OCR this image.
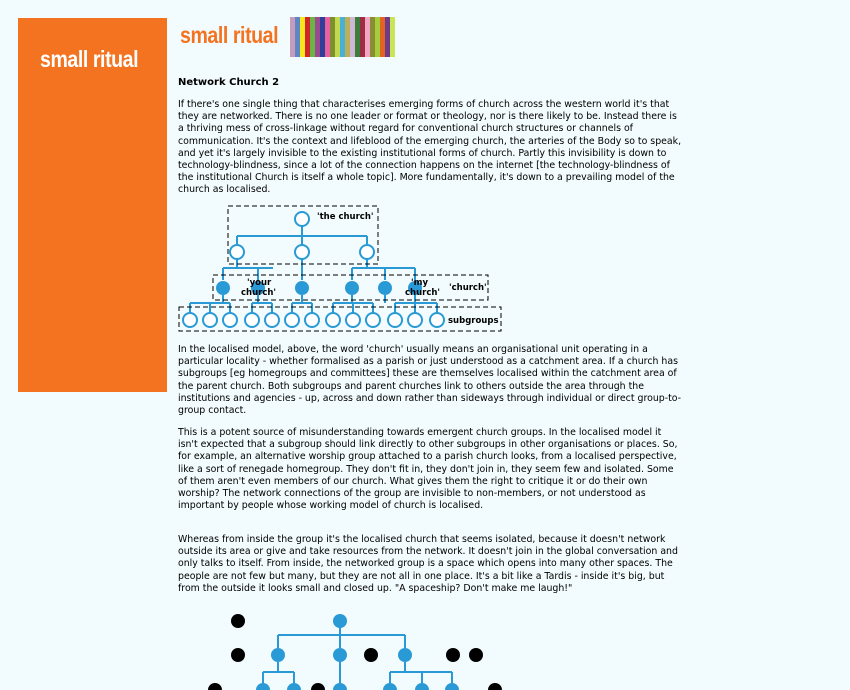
small ritual
small ritual
Network Church 2

If there's one single thing that characterises emerging forms of church across the western world it's that they are networked. There is no one leader or format or theology, nor is there likely to be. Instead there is a thriving mess of cross-linkage without regard for conventional church structures or channels of communication. It's the context and lifeblood of the emerging church, the arteries of the Body so to speak, and yet it's largely invisible to the existing institutional forms of church. Partly this invisibility is down to technology-blindness, since a lot of the connection happens on the internet [the technology-blindness of the institutional Church is itself a whole topic]. More fundamentally, it's down to a prevailing model of the church as localised.

In the localised model, above, the word 'church' usually means an organisational unit operating in a particular locality - whether formalised as a parish or just understood as a catchment area. If a church has subgroups [eg homegroups and committees] these are themselves localised within the catchment area of the parent church. Both subgroups and parent churches link to others outside the area through the institutions and agencies - up, across and down rather than sideways through individual or direct group-to-group contact.

This is a potent source of misunderstanding towards emergent church groups. In the localised model it isn't expected that a subgroup should link directly to other subgroups in other organisations or places. So, for example, an alternative worship group attached to a parish church looks, from a localised perspective, like a sort of renegade homegroup. They don't fit in, they don't join in, they seem few and isolated. Some of them aren't even members of our church. What gives them the right to critique it or do their own worship? The network connections of the group are invisible to non-members, or not understood as important by people whose working model of church is localised.

Whereas from inside the group it's the localised church that seems isolated, because it doesn't network outside its area or give and take resources from the network. It doesn't join in the global conversation and only talks to itself. From inside, the networked group is a space which opens into many other spaces. The people are not few but many, but they are not all in one place. It's a bit like a Tardis - inside it's big, but from the outside it looks small and closed up. "A spaceship? Don't make me laugh!"

'the church'
'your
church'
'my
church' 'church'
subgroups
